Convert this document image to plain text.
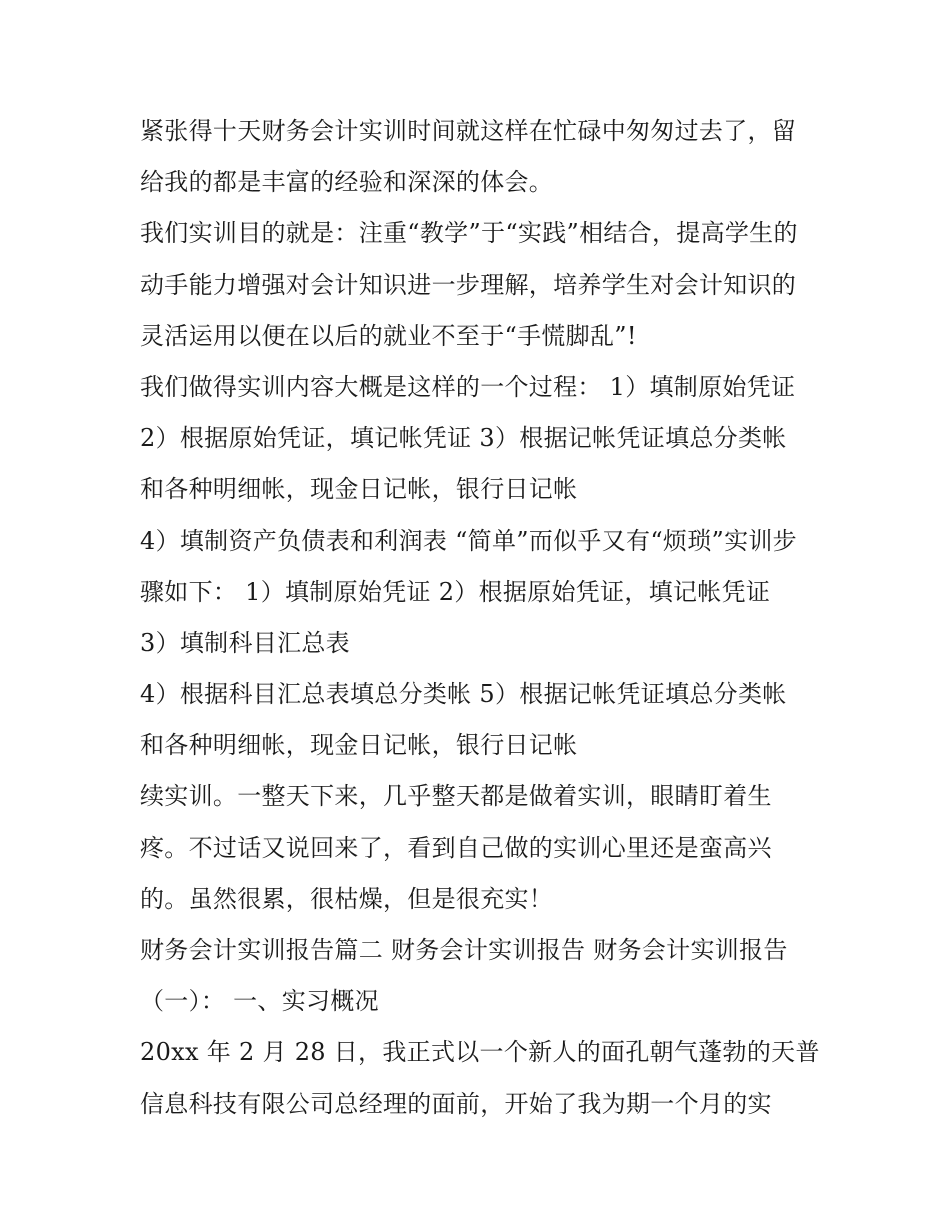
紧张得十天财务会计实训时间就这样在忙碌中匆匆过去了，留
给我的都是丰富的经验和深深的体会。
我们实训目的就是：注重“教学”于“实践”相结合，提高学生的
动手能力增强对会计知识进一步理解，培养学生对会计知识的
灵活运用以便在以后的就业不至于“手慌脚乱”!
我们做得实训内容大概是这样的一个过程： 1）填制原始凭证
2）根据原始凭证，填记帐凭证 3）根据记帐凭证填总分类帐
和各种明细帐，现金日记帐，银行日记帐
4）填制资产负债表和利润表 “简单”而似乎又有“烦琐”实训步
骤如下： 1）填制原始凭证 2）根据原始凭证，填记帐凭证
3）填制科目汇总表
4）根据科目汇总表填总分类帐 5）根据记帐凭证填总分类帐
和各种明细帐，现金日记帐，银行日记帐
续实训。一整天下来，几乎整天都是做着实训，眼睛盯着生
疼。不过话又说回来了，看到自己做的实训心里还是蛮高兴
的。虽然很累，很枯燥，但是很充实！
财务会计实训报告篇二 财务会计实训报告 财务会计实训报告
（一）： 一、实习概况
20xx 年 2 月 28 日，我正式以一个新人的面孔朝气蓬勃的天普
信息科技有限公司总经理的面前，开始了我为期一个月的实
